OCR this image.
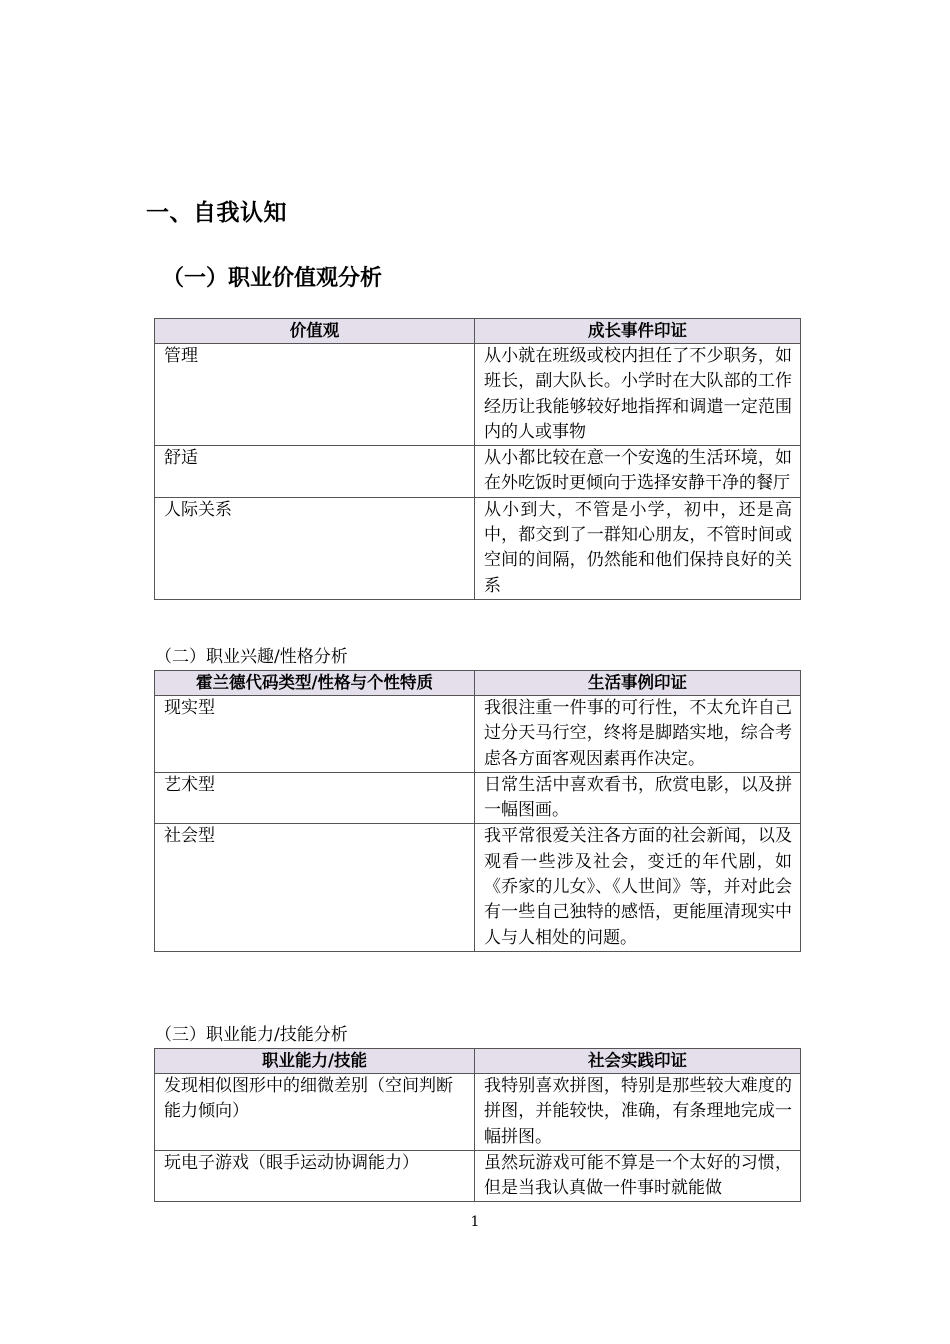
一、自我认知
（一）职业价值观分析
价值观	成长事件印证
管理	从小就在班级或校内担任了不少职务，如班长，副大队长。小学时在大队部的工作经历让我能够较好地指挥和调遣一定范围内的人或事物
舒适	从小都比较在意一个安逸的生活环境，如在外吃饭时更倾向于选择安静干净的餐厅
人际关系	从小到大，不管是小学，初中，还是高中，都交到了一群知心朋友，不管时间或空间的间隔，仍然能和他们保持良好的关系
（二）职业兴趣/性格分析
霍兰德代码类型/性格与个性特质	生活事例印证
现实型	我很注重一件事的可行性，不太允许自己过分天马行空，终将是脚踏实地，综合考虑各方面客观因素再作决定。
艺术型	日常生活中喜欢看书，欣赏电影，以及拼一幅图画。
社会型	我平常很爱关注各方面的社会新闻，以及观看一些涉及社会，变迁的年代剧，如《乔家的儿女》、《人世间》等，并对此会有一些自己独特的感悟，更能厘清现实中人与人相处的问题。
（三）职业能力/技能分析
职业能力/技能	社会实践印证
发现相似图形中的细微差别（空间判断能力倾向）	我特别喜欢拼图，特别是那些较大难度的拼图，并能较快，准确，有条理地完成一幅拼图。
玩电子游戏（眼手运动协调能力）	虽然玩游戏可能不算是一个太好的习惯，但是当我认真做一件事时就能做
1
